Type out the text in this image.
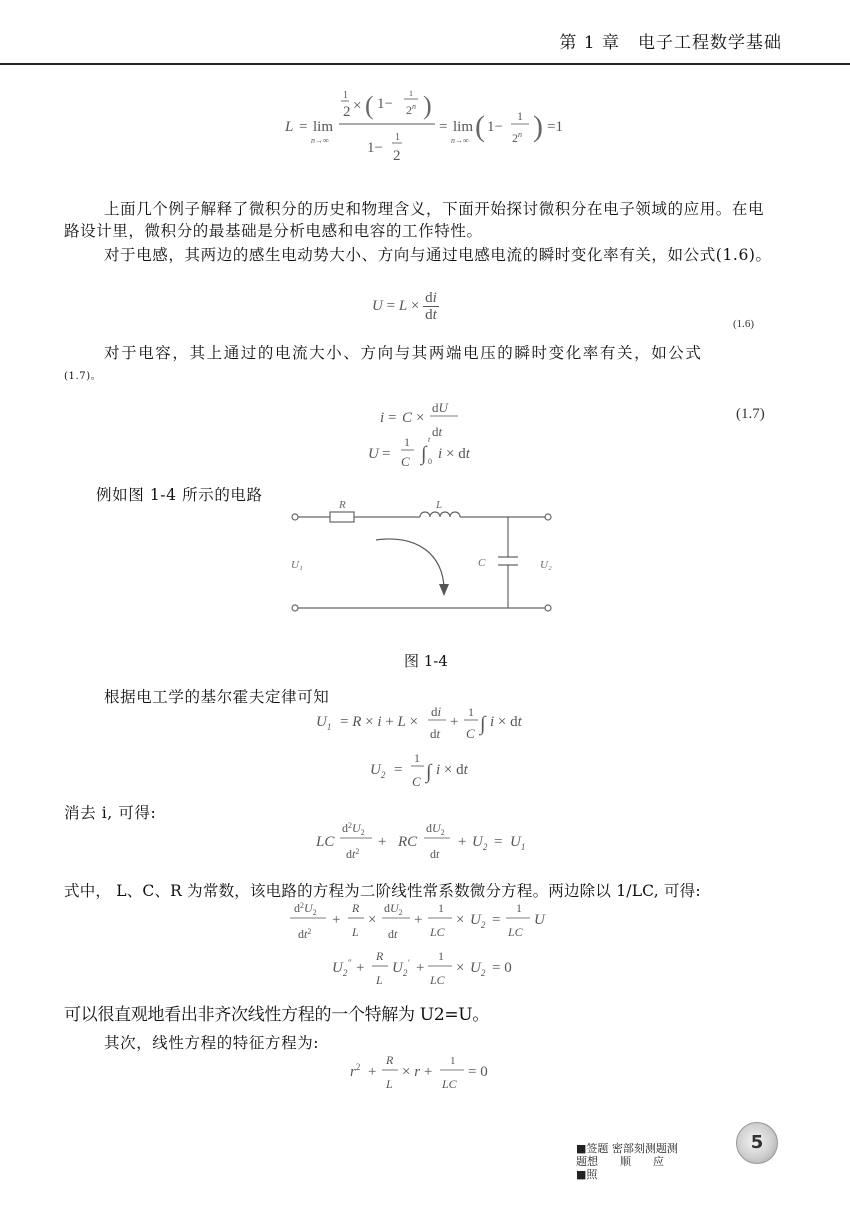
第 1 章　电子工程数学基础
L = lim
n→∞
1
2 × ( 1−
1
2$^n$ )
1−
1
2
= lim
n→∞ ( 1−
1
2$^n$ ) =1
上面几个例子解释了微积分的历史和物理含义，下面开始探讨微积分在电子领域的应用。在电路设计里，微积分的最基础是分析电感和电容的工作特性。
对于电感，其两边的感生电动势大小、方向与通过电感电流的瞬时变化率有关，如公式(1.6)。
$U = L \times \frac{di}{dt}$
(1.6)
对于电容，其上通过的电流大小、方向与其两端电压的瞬时变化率有关，如公式
(1.7)。
i = C ×
dU
dt
U =
1
C ∫
t
0 i × dt
(1.7)
例如图 1-4 所示的电路
R	L
C
U₁	U₂
图 1-4
根据电工学的基尔霍夫定律可知
$U_1 = R \times i + L$ ×
di
dt
+
1
C ∫ i × dt
$U_2$ =
1
C ∫ i × dt
消去 i, 可得:
LC
$d^2U_2$
$dt^2$
+ RC
$dU_2$
dt
+ $U_2 = U_1$
式中， L、C、R 为常数，该电路的方程为二阶线性常系数微分方程。两边除以 1/LC, 可得:
$d^2U_2$
$dt^2$
+
R
L
×
$dU_2$
dt
+
1
LC
× $U_2$ =
1
LC
U
$U_2''$ +
R
L
$U_2'$ +
1
LC
× $U_2 = 0$
可以很直观地看出非齐次线性方程的一个特解为 U2=U。
其次，线性方程的特征方程为:
$r^2$ +
R
L
× r +
1
LC
= 0
■签题 密部刻测题测
题想　　顺　　应
■照
5
